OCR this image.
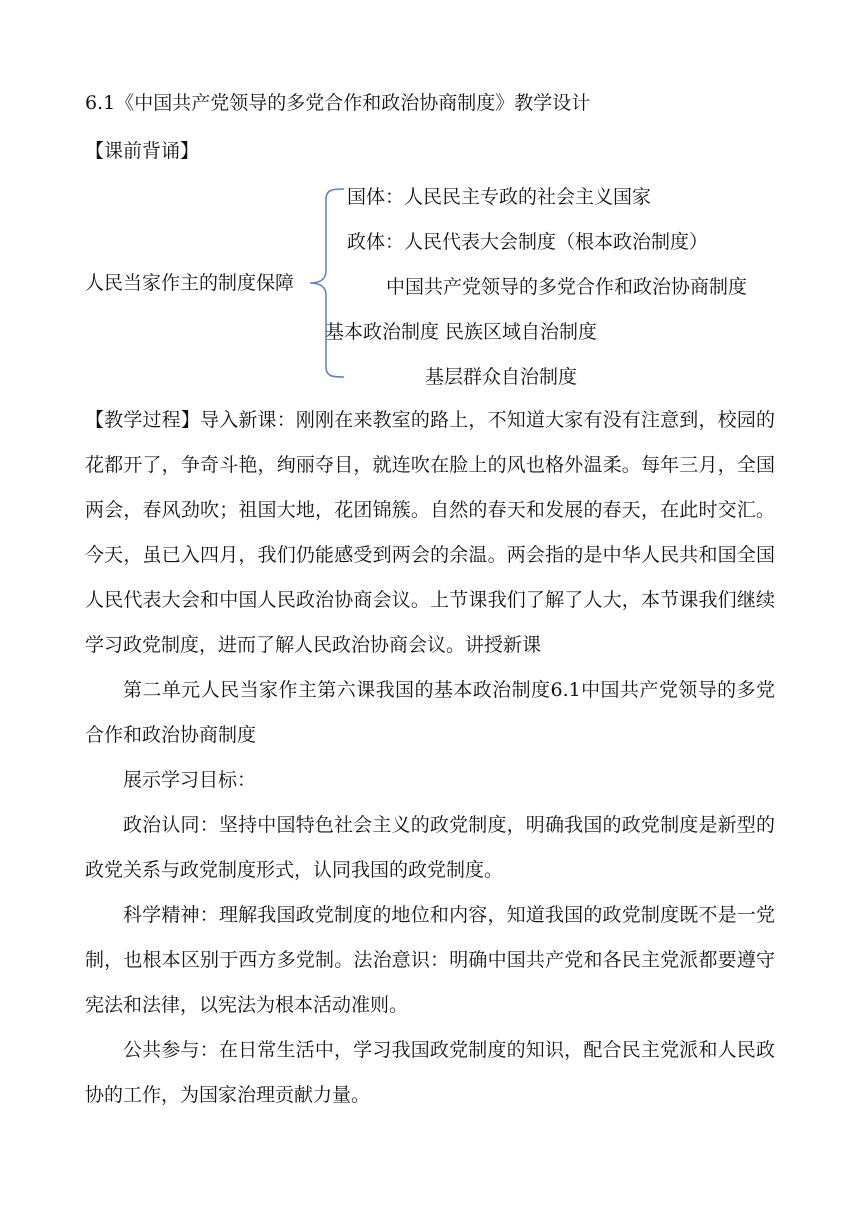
6.1《中国共产党领导的多党合作和政治协商制度》教学设计
【课前背诵】
人民当家作主的制度保障
国体：人民民主专政的社会主义国家
政体：人民代表大会制度（根本政治制度）
中国共产党领导的多党合作和政治协商制度
基本政治制度 民族区域自治制度
基层群众自治制度
【教学过程】导入新课：刚刚在来教室的路上，不知道大家有没有注意到，校园的花都开了，争奇斗艳，绚丽夺目，就连吹在脸上的风也格外温柔。每年三月，全国两会，春风劲吹；祖国大地，花团锦簇。自然的春天和发展的春天，在此时交汇。今天，虽已入四月，我们仍能感受到两会的余温。两会指的是中华人民共和国全国人民代表大会和中国人民政治协商会议。上节课我们了解了人大，本节课我们继续学习政党制度，进而了解人民政治协商会议。讲授新课
第二单元人民当家作主第六课我国的基本政治制度6.1中国共产党领导的多党合作和政治协商制度
展示学习目标：
政治认同：坚持中国特色社会主义的政党制度，明确我国的政党制度是新型的政党关系与政党制度形式，认同我国的政党制度。
科学精神：理解我国政党制度的地位和内容，知道我国的政党制度既不是一党制，也根本区别于西方多党制。法治意识：明确中国共产党和各民主党派都要遵守宪法和法律，以宪法为根本活动准则。
公共参与：在日常生活中，学习我国政党制度的知识，配合民主党派和人民政协的工作，为国家治理贡献力量。
